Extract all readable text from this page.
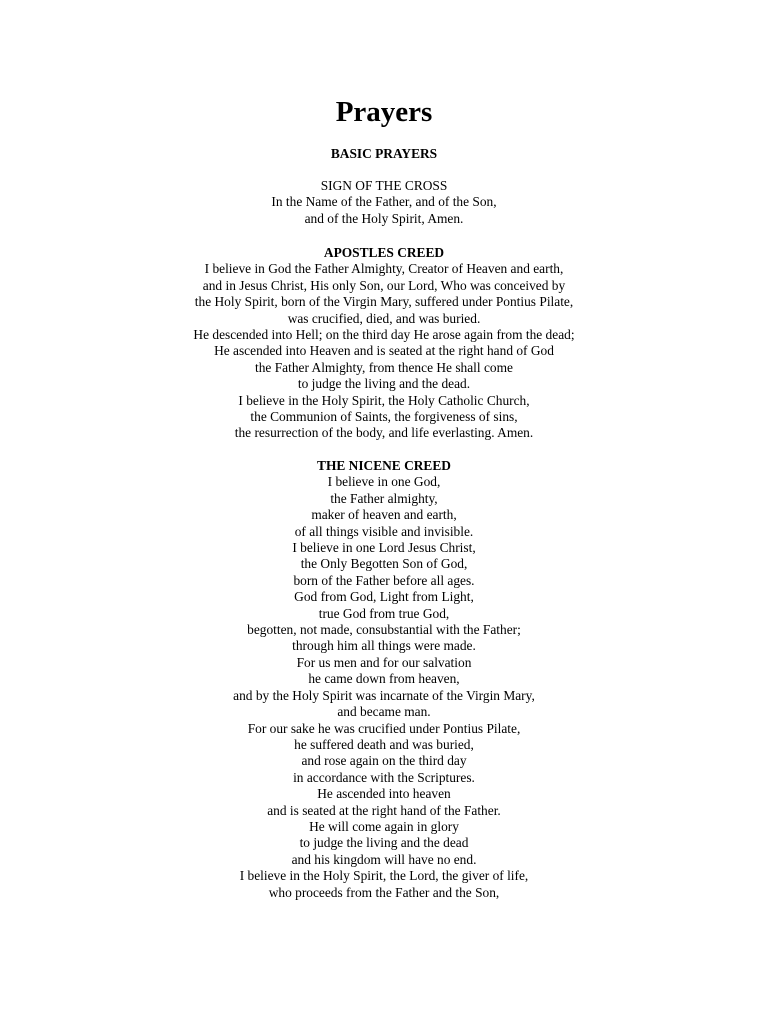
Prayers
BASIC PRAYERS
SIGN OF THE CROSS
In the Name of the Father, and of the Son,
and of the Holy Spirit, Amen.
APOSTLES CREED
I believe in God the Father Almighty, Creator of Heaven and earth,
and in Jesus Christ, His only Son, our Lord, Who was conceived by
the Holy Spirit, born of the Virgin Mary, suffered under Pontius Pilate,
was crucified, died, and was buried.
He descended into Hell; on the third day He arose again from the dead;
He ascended into Heaven and is seated at the right hand of God
the Father Almighty, from thence He shall come
to judge the living and the dead.
I believe in the Holy Spirit, the Holy Catholic Church,
the Communion of Saints, the forgiveness of sins,
the resurrection of the body, and life everlasting. Amen.
THE NICENE CREED
I believe in one God,
the Father almighty,
maker of heaven and earth,
of all things visible and invisible.
I believe in one Lord Jesus Christ,
the Only Begotten Son of God,
born of the Father before all ages.
God from God, Light from Light,
true God from true God,
begotten, not made, consubstantial with the Father;
through him all things were made.
For us men and for our salvation
he came down from heaven,
and by the Holy Spirit was incarnate of the Virgin Mary,
and became man.
For our sake he was crucified under Pontius Pilate,
he suffered death and was buried,
and rose again on the third day
in accordance with the Scriptures.
He ascended into heaven
and is seated at the right hand of the Father.
He will come again in glory
to judge the living and the dead
and his kingdom will have no end.
I believe in the Holy Spirit, the Lord, the giver of life,
who proceeds from the Father and the Son,
